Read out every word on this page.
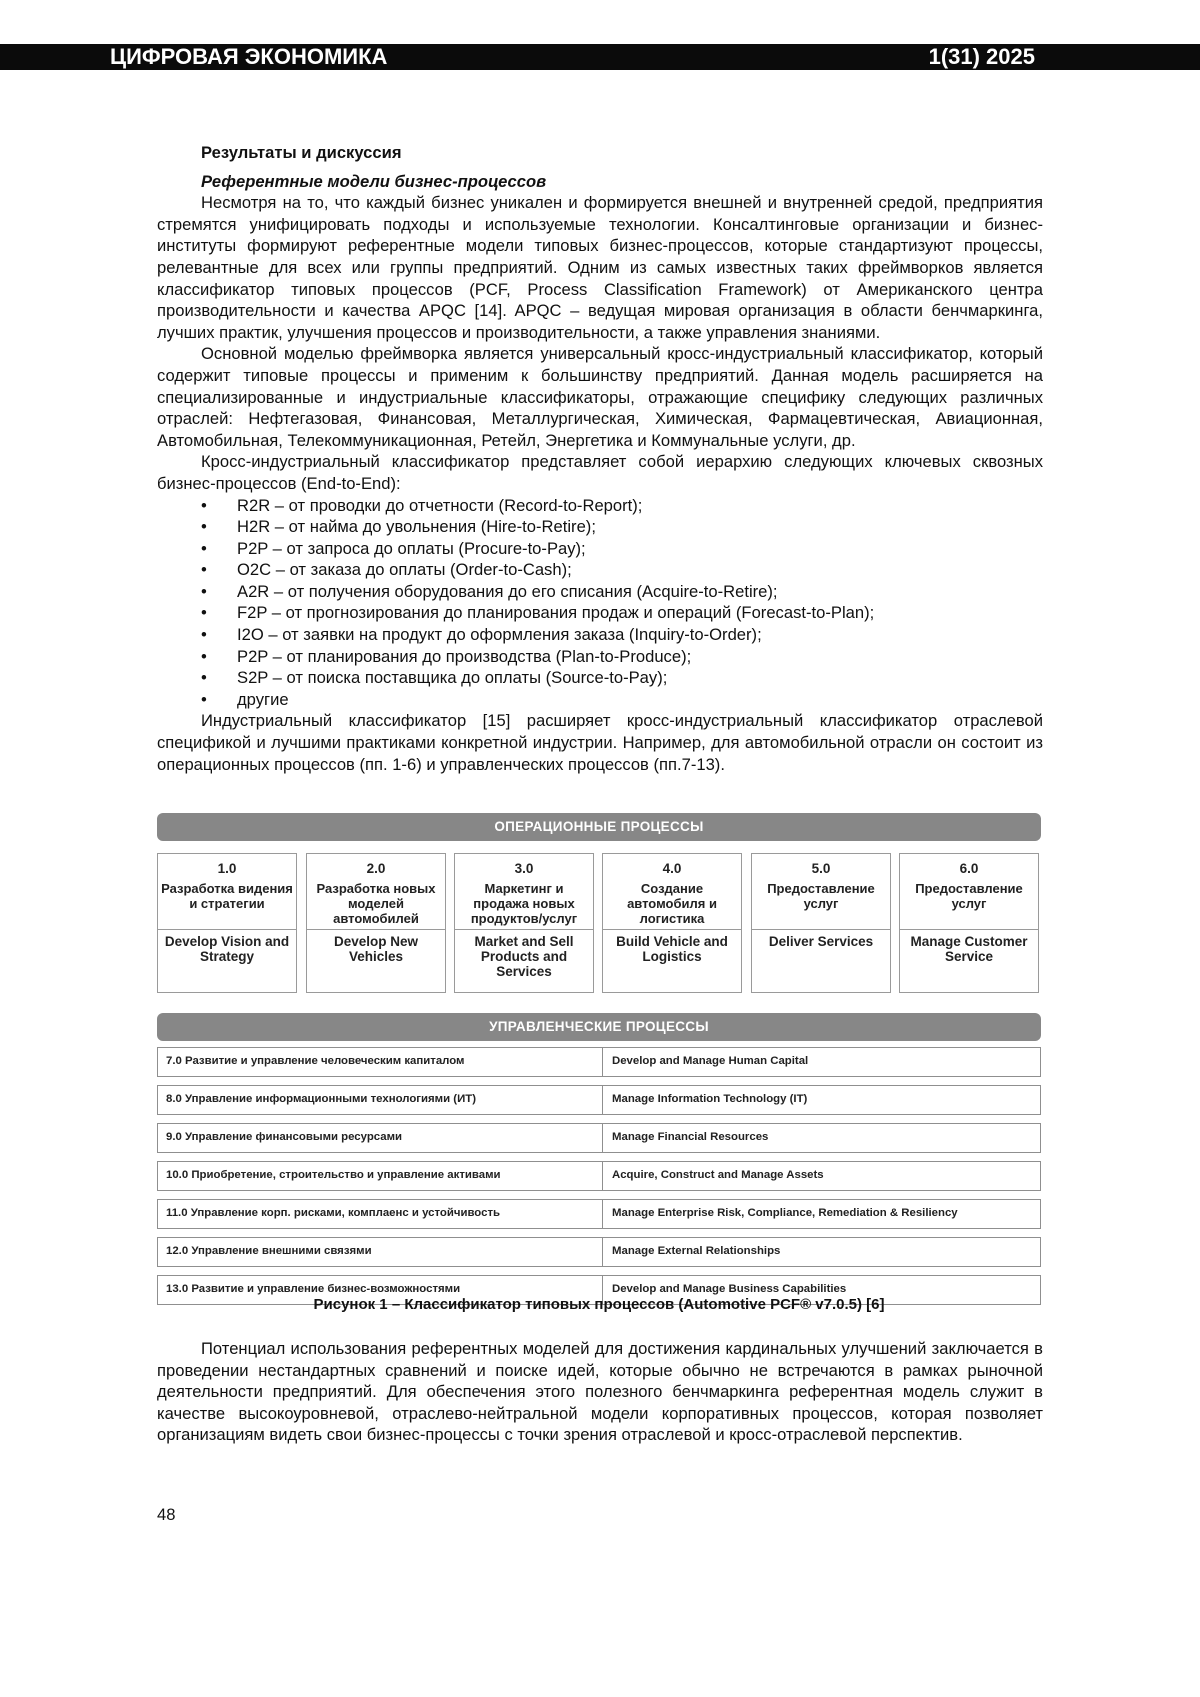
ЦИФРОВАЯ ЭКОНОМИКА	1(31) 2025
Результаты и дискуссия
Референтные модели бизнес-процессов

Несмотря на то, что каждый бизнес уникален и формируется внешней и внутренней средой, предприятия стремятся унифицировать подходы и используемые технологии. Консалтинговые организации и бизнес-институты формируют референтные модели типовых бизнес-процессов, которые стандартизуют процессы, релевантные для всех или группы предприятий. Одним из самых известных таких фреймворков является классификатор типовых процессов (PCF, Process Classification Framework) от Американского центра производительности и качества APQC [14]. APQC – ведущая мировая организация в области бенчмаркинга, лучших практик, улучшения процессов и производительности, а также управления знаниями.

Основной моделью фреймворка является универсальный кросс-индустриальный классификатор, который содержит типовые процессы и применим к большинству предприятий. Данная модель расширяется на специализированные и индустриальные классификаторы, отражающие специфику следующих различных отраслей: Нефтегазовая, Финансовая, Металлургическая, Химическая, Фармацевтическая, Авиационная, Автомобильная, Телекоммуникационная, Ретейл, Энергетика и Коммунальные услуги, др.

Кросс-индустриальный классификатор представляет собой иерархию следующих ключевых сквозных бизнес-процессов (End-to-End):

• R2R – от проводки до отчетности (Record-to-Report);
• H2R – от найма до увольнения (Hire-to-Retire);
• P2P – от запроса до оплаты (Procure-to-Pay);
• O2C – от заказа до оплаты (Order-to-Cash);
• A2R – от получения оборудования до его списания (Acquire-to-Retire);
• F2P – от прогнозирования до планирования продаж и операций (Forecast-to-Plan);
• I2O – от заявки на продукт до оформления заказа (Inquiry-to-Order);
• P2P – от планирования до производства (Plan-to-Produce);
• S2P – от поиска поставщика до оплаты (Source-to-Pay);
• другие

Индустриальный классификатор [15] расширяет кросс-индустриальный классификатор отраслевой спецификой и лучшими практиками конкретной индустрии. Например, для автомобильной отрасли он состоит из операционных процессов (пп. 1-6) и управленческих процессов (пп.7-13).

ОПЕРАЦИОННЫЕ ПРОЦЕССЫ
1.0
Разработка видения и стратегии
Develop Vision and Strategy
2.0
Разработка новых моделей автомобилей
Develop New Vehicles
3.0
Маркетинг и продажа новых продуктов/услуг
Market and Sell Products and Services
4.0
Создание автомобиля и логистика
Build Vehicle and Logistics
5.0
Предоставление услуг
Deliver Services
6.0
Предоставление услуг
Manage Customer Service
УПРАВЛЕНЧЕСКИЕ ПРОЦЕССЫ
7.0 Развитие и управление человеческим капиталом	Develop and Manage Human Capital
8.0 Управление информационными технологиями (ИТ)	Manage Information Technology (IT)
9.0 Управление финансовыми ресурсами	Manage Financial Resources
10.0 Приобретение, строительство и управление активами	Acquire, Construct and Manage Assets
11.0 Управление корп. рисками, комплаенс и устойчивость	Manage Enterprise Risk, Compliance, Remediation & Resiliency
12.0 Управление внешними связями	Manage External Relationships
13.0 Развитие и управление бизнес-возможностями	Develop and Manage Business Capabilities
Рисунок 1 – Классификатор типовых процессов (Automotive PCF® v7.0.5) [6]

Потенциал использования референтных моделей для достижения кардинальных улучшений заключается в проведении нестандартных сравнений и поиске идей, которые обычно не встречаются в рамках рыночной деятельности предприятий. Для обеспечения этого полезного бенчмаркинга референтная модель служит в качестве высокоуровневой, отраслево-нейтральной модели корпоративных процессов, которая позволяет организациям видеть свои бизнес-процессы с точки зрения отраслевой и кросс-отраслевой перспектив.

48
